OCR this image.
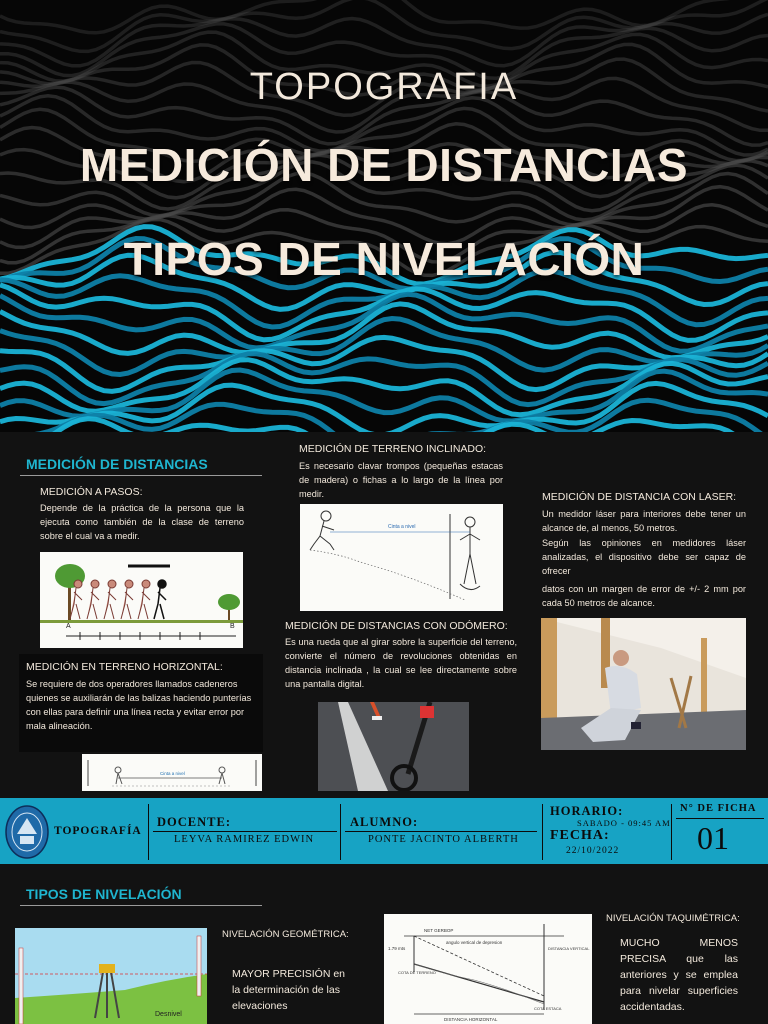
TOPOGRAFIA
MEDICIÓN DE DISTANCIAS
TIPOS DE NIVELACIÓN
MEDICIÓN DE DISTANCIAS
MEDICIÓN A PASOS:
Depende de la práctica de la persona que la ejecuta como también de la clase de terreno sobre el cual va a medir.
A	B
MEDICIÓN EN TERRENO HORIZONTAL:
Se requiere de dos operadores llamados cadeneros quienes se auxiliarán de las balizas haciendo punterías con ellas para definir una línea recta y evitar error por mala alineación.
Cinta a nivel
MEDICIÓN DE TERRENO INCLINADO:
Es necesario clavar trompos (pequeñas estacas de madera) o fichas a lo largo de la línea por medir.
Cinta a nivel
MEDICIÓN DE DISTANCIAS CON ODÓMERO:
Es una rueda que al girar sobre la superficie del terreno, convierte el número de revoluciones obtenidas en distancia inclinada , la cual se lee directamente sobre una pantalla digital.
MEDICIÓN DE DISTANCIA CON LASER:
Un medidor láser para interiores debe tener un alcance de, al menos, 50 metros.
Según las opiniones en medidores láser analizadas, el dispositivo debe ser capaz de ofrecer
datos con un margen de error de +/- 2 mm por cada 50 metros de alcance.
TOPOGRAFÍA
DOCENTE:
LEYVA RAMIREZ EDWIN
ALUMNO:
PONTE JACINTO ALBERTH
HORARIO:
SABADO - 09:45 AM
FECHA:
22/10/2022
N° DE FICHA
01
TIPOS DE NIVELACIÓN
Desnivel
NIVELACIÓN GEOMÉTRICA:
MAYOR PRECISIÓN en la determinación de las elevaciones
NET GERBOP
angulo vertical de depresion
DISTANCIA HORIZONTAL
DISTANCIA VERTICAL
COTA DE TERRENO
COTA ESTACA
1.79 mts
NIVELACIÓN TAQUIMÉTRICA:
MUCHO MENOS PRECISA que las anteriores y se emplea para nivelar superficies accidentadas.
